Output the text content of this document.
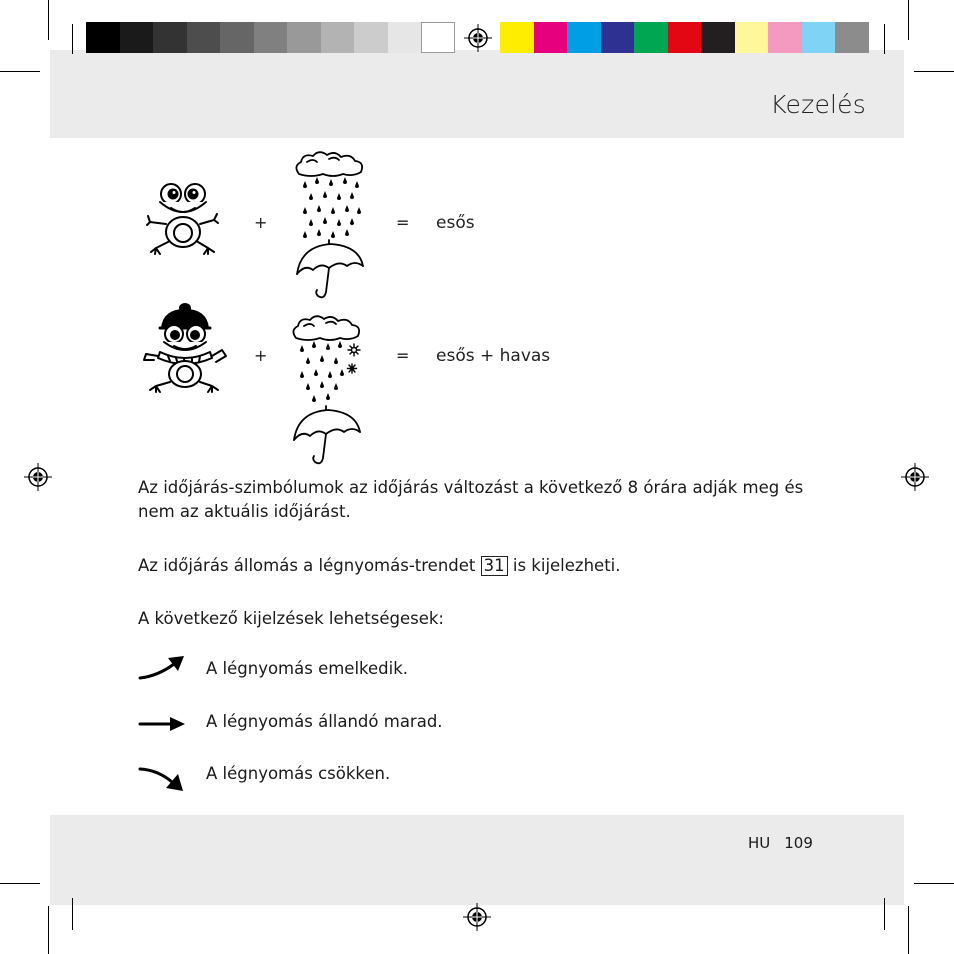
Kezelés
+	= esős
+	= esős + havas
Az időjárás-szimbólumok az időjárás változást a következő 8 órára adják meg és nem az aktuális időjárást.
Az időjárás állomás a légnyomás-trendet 31 is kijelezheti.
A következő kijelzések lehetségesek:
A légnyomás emelkedik.
A légnyomás állandó marad.
A légnyomás csökken.
HU 109
